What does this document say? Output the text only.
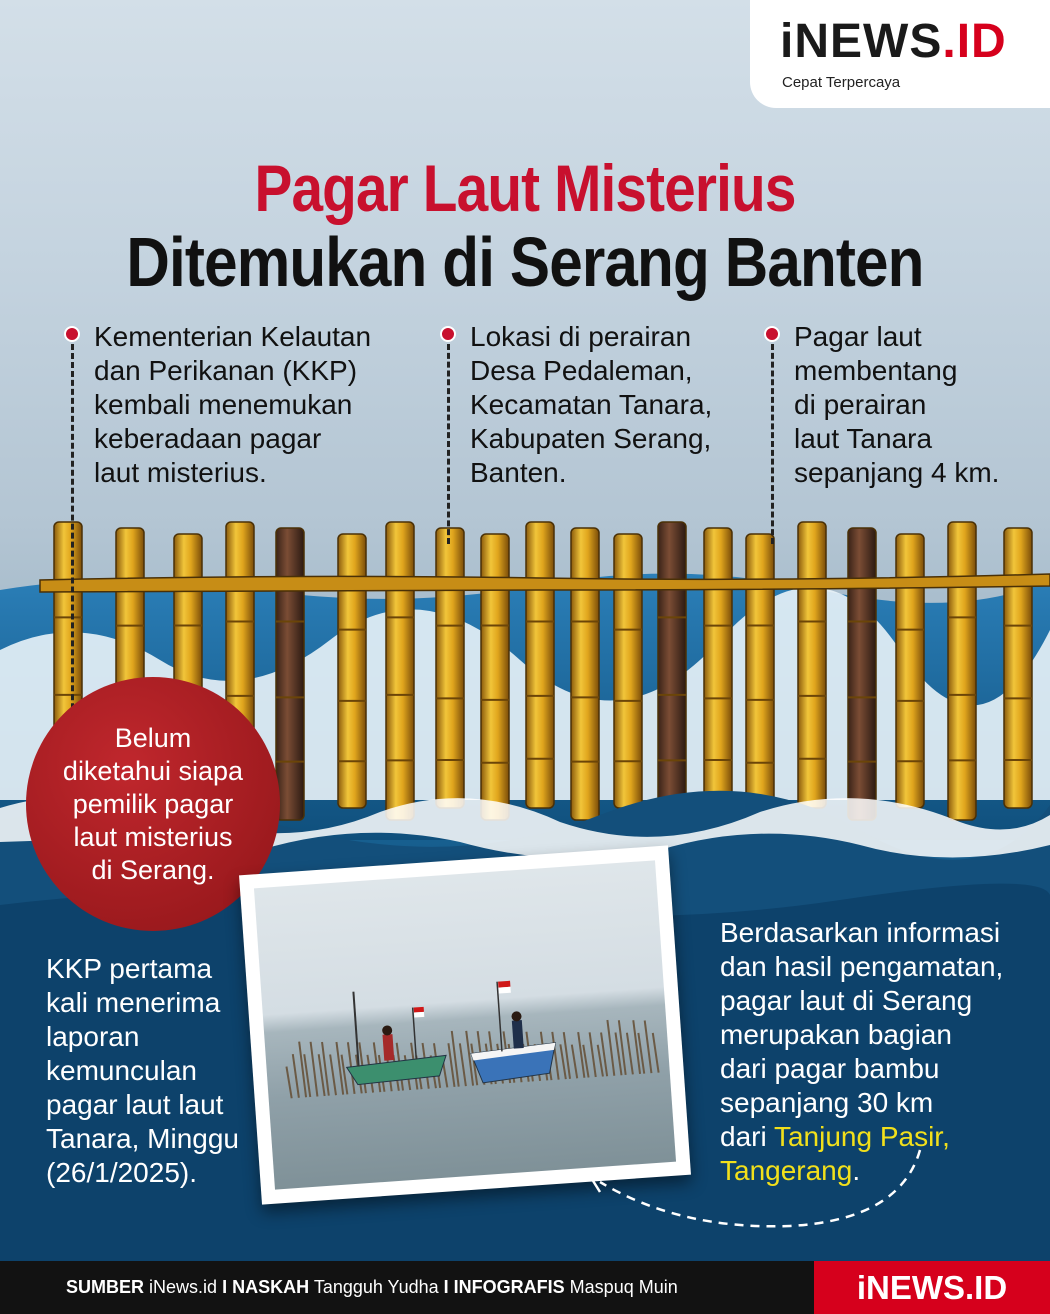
iNEWS.ID
Cepat Terpercaya
Pagar Laut Misterius
Ditemukan di Serang Banten
Kementerian Kelautan
dan Perikanan (KKP)
kembali menemukan
keberadaan pagar
laut misterius.
Lokasi di perairan
Desa Pedaleman,
Kecamatan Tanara,
Kabupaten Serang,
Banten.
Pagar laut
membentang
di perairan
laut Tanara
sepanjang 4 km.
Belum
diketahui siapa
pemilik pagar
laut misterius
di Serang.
KKP pertama
kali menerima
laporan
kemunculan
pagar laut laut
Tanara, Minggu
(26/1/2025).
Berdasarkan informasi
dan hasil pengamatan,
pagar laut di Serang
merupakan bagian
dari pagar bambu
sepanjang 30 km
dari Tanjung Pasir,
Tangerang.
SUMBER iNews.id I NASKAH Tangguh Yudha I INFOGRAFIS Maspuq Muin	iNEWS.ID
